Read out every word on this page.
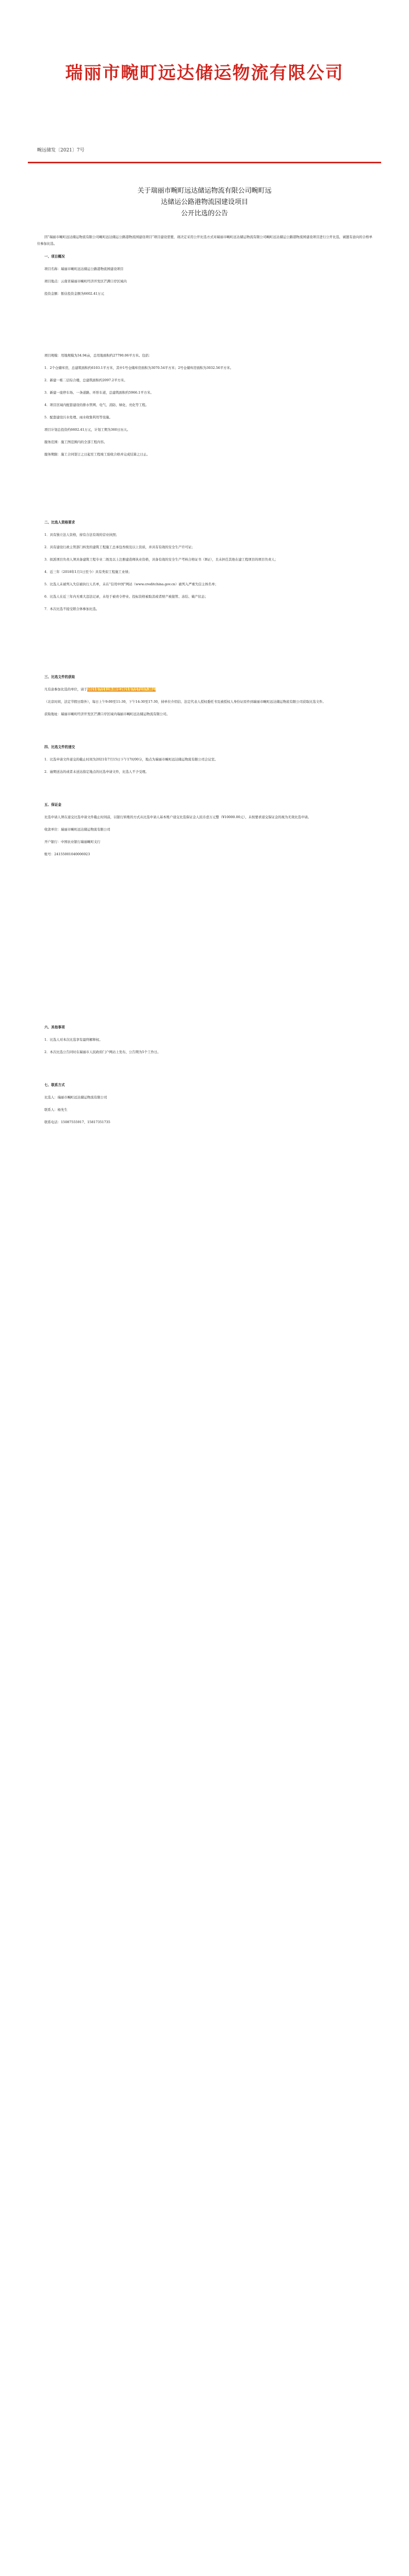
瑞丽市畹町远达储运物流有限公司
畹远储发〔2021〕7号
关于瑞丽市畹町远达储运物流有限公司畹町远
达储运公路港物流园建设项目
公开比选的公告

因“瑞丽市畹町远达储运物流有限公司畹町远达储运公路港物流园建设项目”项目建设需要，现决定采用公开比选方式对瑞丽市畹町远达储运物流有限公司畹町远达储运公路港物流园建设项目进行公开比选，诚邀有意向的合格单位参加比选。

一、项目概况

项目名称：瑞丽市畹町远达储运公路港物流园建设项目

项目地点：云南省瑞丽市畹町经济开发区芒满口岸区域内

投资金额：暂估投资金额为6602.41万元

项目规模：用地规模为34.94亩，总用地面积约27790.06平方米。包括：

1．2个仓储库房，总建筑面积约6103.1平方米，其中1号仓储库房面积为3070.54平方米；2号仓储库房面积为3032.56平方米。

2．新建一栋二层综合楼，总建筑面积约2097.2平方米。

3．新建一座停车场、一条道路、环形车道，总建筑面积约5966.1平方米。

4．项目区域内配套建设给排水管网、电气、消防、绿化、亮化等工程。

5．配套建设污水处理、雨水收集利用等设施。

项目计划总投资约6602.41万元，计划工期为360日历天。

服务范围：施工图范围内的全部工程内容。

服务期限：施工合同签订之日起至工程竣工验收合格并完成结算之日止。

二、比选人资格要求

1．具有独立法人资格，持有合法有效的营业执照；

2．具有建设行政主管部门核发的建筑工程施工总承包叁级及以上资质，并具有有效的安全生产许可证；

3．拟派项目负责人须具备建筑工程专业二级及以上注册建造师执业资格，具备有效的安全生产考核合格证书（B证），且未担任其他在建工程项目的项目负责人；

4．近三年（2018年1月1日至今）具有类似工程施工业绩；

5．比选人未被列入失信被执行人名单，未在“信用中国”网站（www.creditchina.gov.cn）被列入严重失信主体名单；

6．比选人在近三年内无重大违法记录，未处于被责令停业、投标资格被取消或者财产被接管、冻结、破产状态；

7．本次比选不接受联合体参加比选。

三、比选文件的获取

凡有意参加比选的单位，请于2021年7月1日9:00至2021年7月7日17:30止

（北京时间，法定节假日除外），每日上午9:00至11:30，下午14:30至17:30，持单位介绍信、法定代表人授权委托书及被授权人身份证原件到瑞丽市畹町远达储运物流有限公司获取比选文件。

获取地址：瑞丽市畹町经济开发区芒满口岸区域内瑞丽市畹町远达储运物流有限公司。

四、比选文件的递交

1．比选申请文件递交的截止时间为2021年7月15日下午17时00分，地点为瑞丽市畹町远达储运物流有限公司会议室。

2．逾期送达的或者未送达指定地点的比选申请文件，比选人不予受理。

五、保证金

比选申请人须在递交比选申请文件截止时间前，以银行转账的方式从比选申请人基本账户递交比选保证金人民币壹万元整（¥10000.00元），未按要求递交保证金的视为无效比选申请。

收款单位：瑞丽市畹町远达储运物流有限公司

开户银行：中国农业银行瑞丽畹町支行

账号：24155001040006923

六、其他事项

1．比选人对本次比选享有最终解释权。

2．本次比选公告同时在瑞丽市人民政府门户网站上发布，公告期为5个工作日。

七、联系方式

比选人：瑞丽市畹町远达储运物流有限公司

联系人：杨先生

联系电话：15087555917、15817351735
